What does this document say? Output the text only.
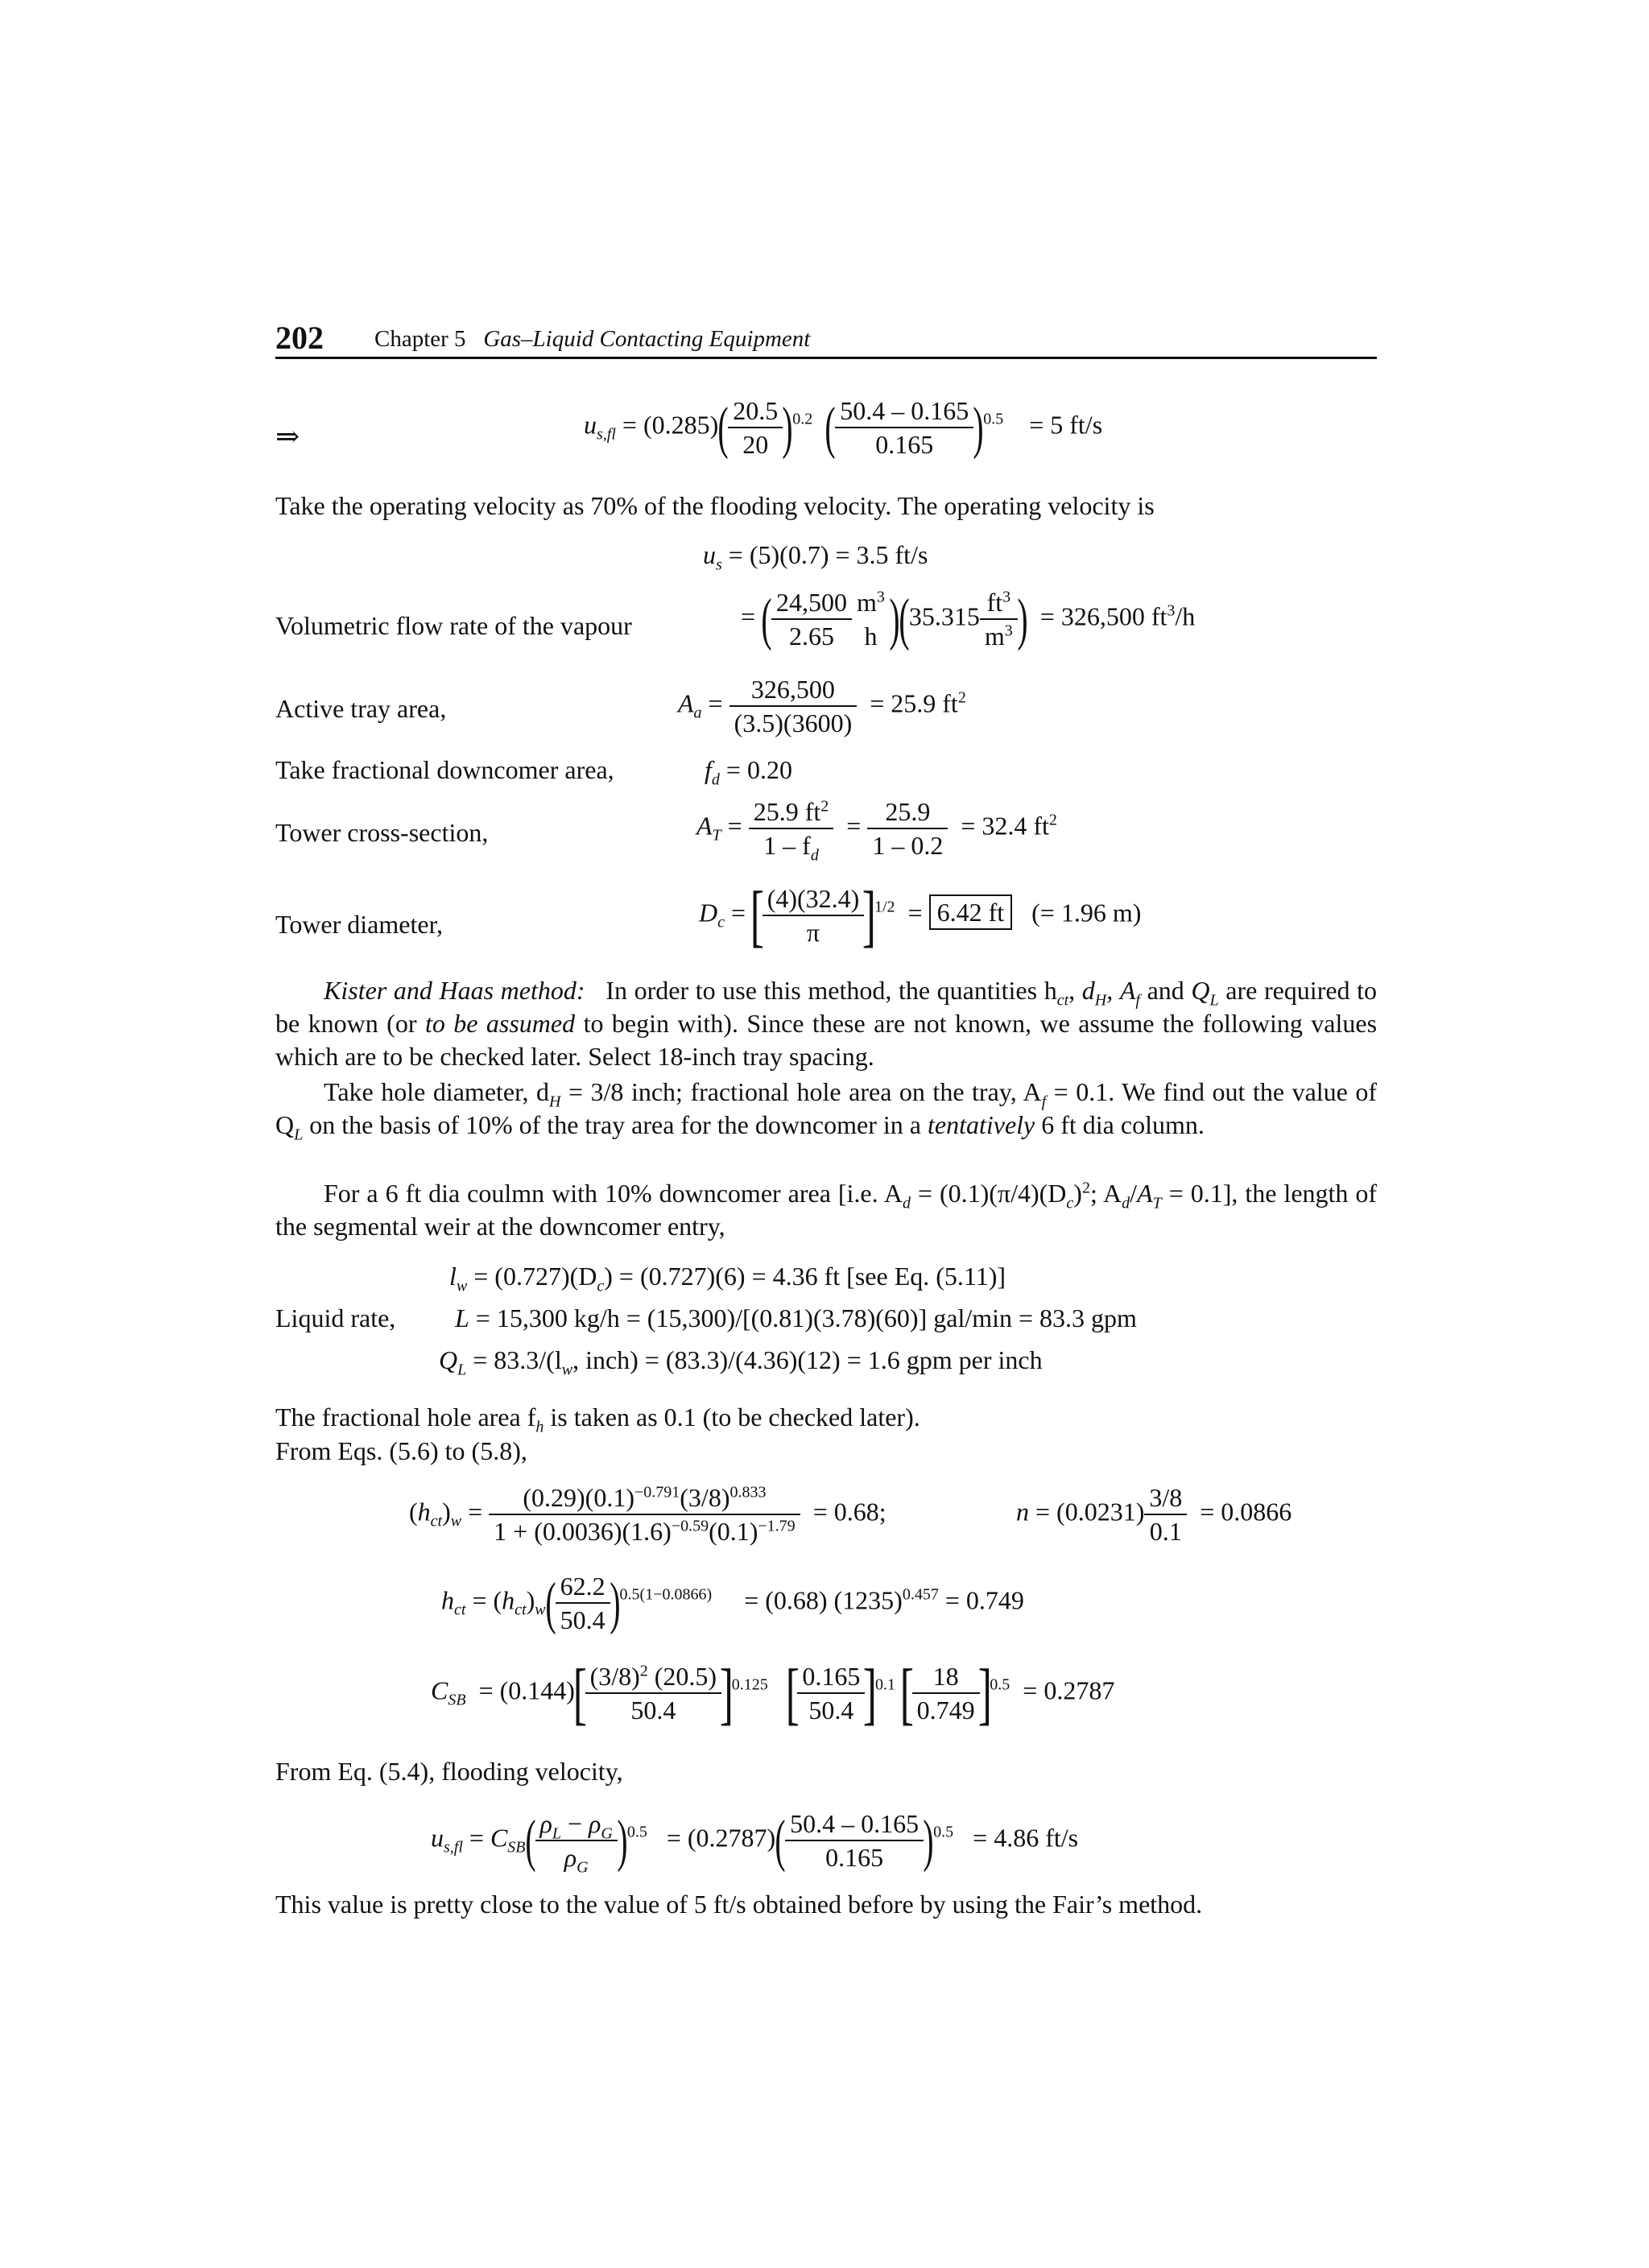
202 Chapter 5 Gas–Liquid Contacting Equipment
⇒	$u_{s,fl} = (0.285)( \frac{20.5}{20} )^{0.2}$ ( $\frac{50.4 - 0.165}{0.165} )^{0.5} = 5$ ft/s
Take the operating velocity as 70% of the flooding velocity. The operating velocity is
$u_s = (5)(0.7) = 3.5$ ft/s
Volumetric flow rate of the vapour	= ( $\frac{24,500}{2.65} m^3$
h )($35.315 \frac{ft^3}{m^3}$ ) = 326,500 $ft^3/h$
Active tray area,	$A_a = \frac{326,500}{(3.5)(3600)} = 25.9$ $ft^2$
Take fractional downcomer area,	$f_d = 0.20$
Tower cross-section,	$A_T = \frac{25.9 ft^2}{1 - f_d} = \frac{25.9}{1 - 0.2} = 32.4$ $ft^2$
Tower diameter,	$D_c$ = [
$\frac{(4)(32.4)}{\pi}$
]$^{1/2}$  = 6.42 ft (= 1.96 m)
Kister and Haas method: In order to use this method, the quantities $h_{ct}$, $d_H$, $A_f$ and $Q_L$ are required to be known (or to be assumed to begin with). Since these are not known, we assume the following values which are to be checked later. Select 18-inch tray spacing.
Take hole diameter, $d_H = 3/8$ inch; fractional hole area on the tray, $A_f = 0.1$. We find out the value of $Q_L$ on the basis of 10% of the tray area for the downcomer in a tentatively 6 ft dia column.
For a 6 ft dia coulmn with 10% downcomer area [i.e. $A_d = (0.1)(\pi/4)(D_c)^2$; $A_d/A_T = 0.1$], the length of the segmental weir at the downcomer entry,
$l_w = (0.727)(D_c) = (0.727)(6) = 4.36$ ft [see Eq. (5.11)]
Liquid rate, L = 15,300 kg/h = (15,300)/[(0.81)(3.78)(60)] gal/min = 83.3 gpm
$Q_L = 83.3/(l_w$, inch) = (83.3)/(4.36)(12) = 1.6 gpm per inch
The fractional hole area $f_h$ is taken as 0.1 (to be checked later).
From Eqs. (5.6) to (5.8),
$(h_{ct})_w = \frac{(0.29)(0.1)^{-0.791}(3/8)^{0.833}}{1 + (0.0036)(1.6)^{-0.59}(0.1)^{-1.79}} = 0.68$;	$n = (0.0231) \frac{3/8}{0.1} = 0.0866$
$h_{ct} = (h_{ct})_w( \frac{62.2}{50.4} )^{0.5(1-0.0866)} = (0.68) (1235)^{0.457} = 0.749$
$C_{SB} = (0.144)$[
$\frac{(3/8)^2 (20.5)}{50.4}$
]$^{0.125}$ [
$\frac{0.165}{50.4}$
]$^{0.1}$ [
$\frac{18}{0.749}$
]$^{0.5}$ = 0.2787
From Eq. (5.4), flooding velocity,
$u_{s,fl} = C_{SB}( \frac{\rho_L - \rho_G}{\rho_G} )^{0.5} = (0.2787)( \frac{50.4 - 0.165}{0.165} )^{0.5} = 4.86$ ft/s
This value is pretty close to the value of 5 ft/s obtained before by using the Fair’s method.
